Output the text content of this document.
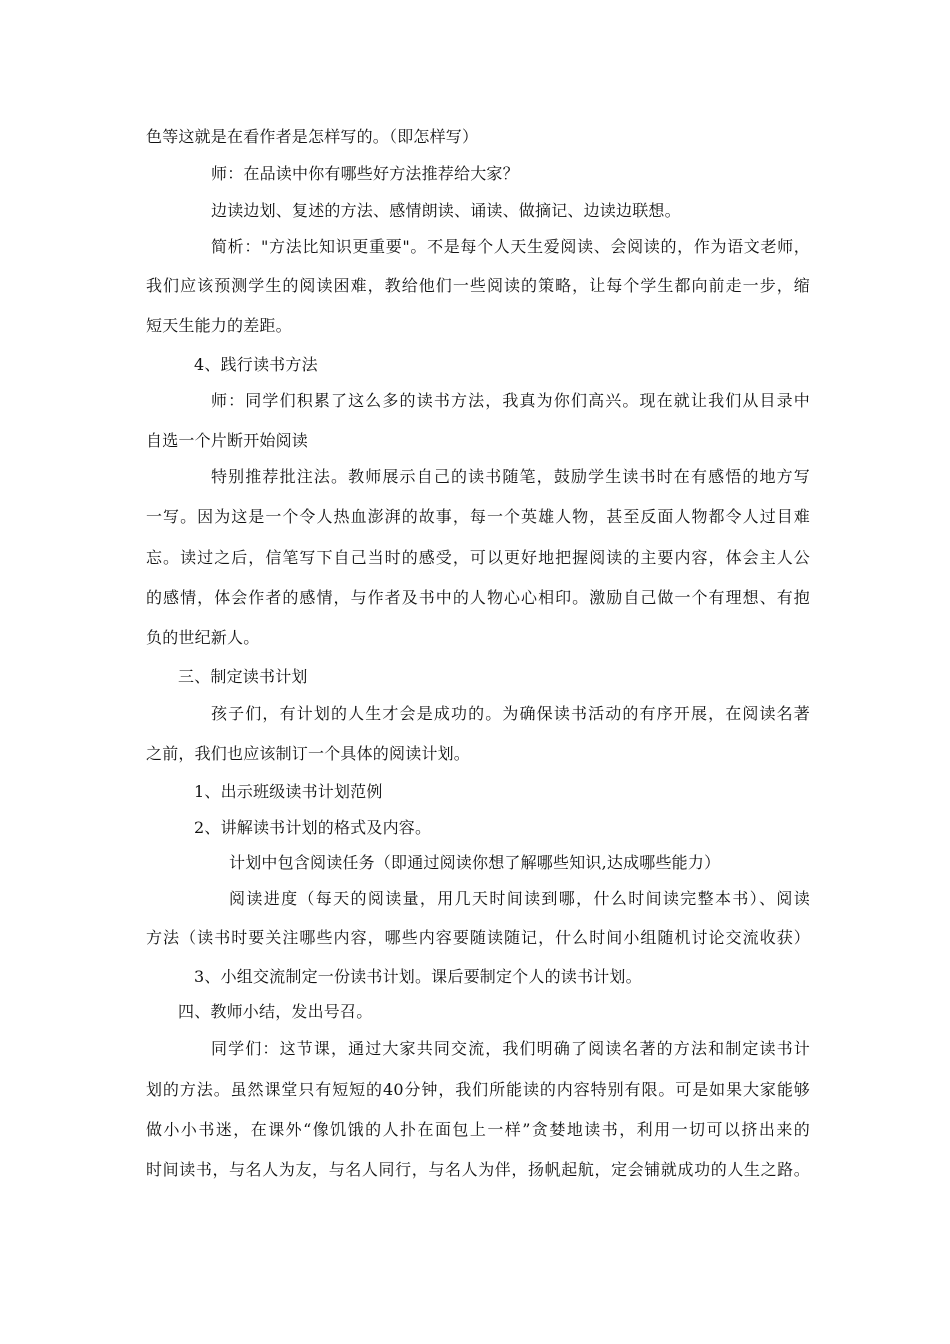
色等这就是在看作者是怎样写的。（即怎样写）
师：在品读中你有哪些好方法推荐给大家？
边读边划、复述的方法、感情朗读、诵读、做摘记、边读边联想。
简析："方法比知识更重要"。不是每个人天生爱阅读、会阅读的，作为语文老师，
我们应该预测学生的阅读困难，教给他们一些阅读的策略，让每个学生都向前走一步，缩
短天生能力的差距。
4、践行读书方法
师：同学们积累了这么多的读书方法，我真为你们高兴。现在就让我们从目录中
自选一个片断开始阅读
特别推荐批注法。教师展示自己的读书随笔，鼓励学生读书时在有感悟的地方写
一写。因为这是一个令人热血澎湃的故事，每一个英雄人物，甚至反面人物都令人过目难
忘。读过之后，信笔写下自己当时的感受，可以更好地把握阅读的主要内容，体会主人公
的感情，体会作者的感情，与作者及书中的人物心心相印。激励自己做一个有理想、有抱
负的世纪新人。
三、制定读书计划
孩子们，有计划的人生才会是成功的。为确保读书活动的有序开展，在阅读名著
之前，我们也应该制订一个具体的阅读计划。
1、出示班级读书计划范例
2、讲解读书计划的格式及内容。
计划中包含阅读任务（即通过阅读你想了解哪些知识,达成哪些能力）
阅读进度（每天的阅读量，用几天时间读到哪，什么时间读完整本书）、阅读
方法（读书时要关注哪些内容，哪些内容要随读随记，什么时间小组随机讨论交流收获）
3、小组交流制定一份读书计划。课后要制定个人的读书计划。
四、教师小结，发出号召。
同学们：这节课，通过大家共同交流，我们明确了阅读名著的方法和制定读书计
划的方法。虽然课堂只有短短的40分钟，我们所能读的内容特别有限。可是如果大家能够
做小小书迷，在课外“像饥饿的人扑在面包上一样”贪婪地读书，利用一切可以挤出来的
时间读书，与名人为友，与名人同行，与名人为伴，扬帆起航，定会铺就成功的人生之路。
